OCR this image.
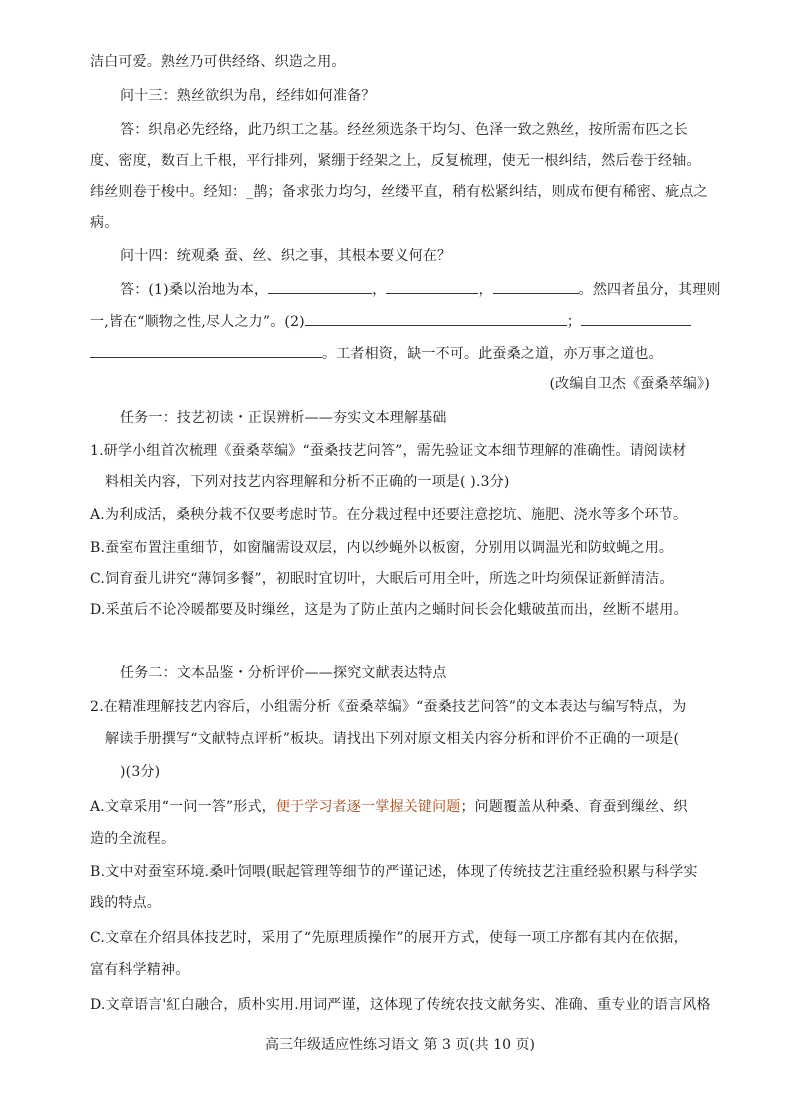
洁白可爱。熟丝乃可供经络、织造之用。
问十三：熟丝欲织为帛，经纬如何准备？
答：织帛必先经络，此乃织工之基。经丝须选条干均匀、色泽一致之熟丝，按所需布匹之长
度、密度，数百上千根，平行排列，紧绷于经架之上，反复梳理，使无一根纠结，然后卷于经轴。
纬丝则卷于梭中。经知：_鹊；备求张力均匀，丝缕平直，稍有松紧纠结，则成布便有稀密、疵点之
病。
问十四：统观桑 蚕、丝、织之事，其根本要义何在？
答：(1)桑以治地为本，	，	，	。然四者虽分，其理则
一,皆在“顺物之性,尽人之力”。(2)	；
。工者相资，缺一不可。此蚕桑之道，亦万事之道也。
(改编自卫杰《蚕桑萃编》)
任务一：技艺初读・正误辨析——夯实文本理解基础
1.研学小组首次梳理《蚕桑萃编》“蚕桑技艺问答”，需先验证文本细节理解的准确性。请阅读材
料相关内容，下列对技艺内容理解和分析不正确的一项是( ).3分)
A.为利成活，桑秧分栽不仅要考虑时节。在分栽过程中还要注意挖坑、施肥、浇水等多个环节。
B.蚕室布置注重细节，如窗牖需设双层，内以纱蝇外以板窗，分别用以调温光和防蚊蝇之用。
C.饲育蚕儿讲究“薄饲多餐”，初眠时宜切叶，大眠后可用全叶，所选之叶均须保证新鲜清洁。
D.采茧后不论冷暖都要及时缫丝，这是为了防止茧内之蛹时间长会化蛾破茧而出，丝断不堪用。
任务二：文本品鉴・分析评价——探究文献表达特点
2.在精准理解技艺内容后，小组需分析《蚕桑萃编》“蚕桑技艺问答”的文本表达与编写特点，为
解读手册撰写“文献特点评析”板块。请找出下列对原文相关内容分析和评价不正确的一项是(
)(3分)
A.文章采用“一问一答”形式，便于学习者逐一掌握关键问题；问题覆盖从种桑、育蚕到缫丝、织
造的全流程。
B.文中对蚕室环境.桑叶饲喂(眠起管理等细节的严谨记述，体现了传统技艺注重经验积累与科学实
践的特点。
C.文章在介绍具体技艺时，采用了“先原理质操作”的展开方式，使每一项工序都有其内在依据，
富有科学精神。
D.文章语言'紅白融合，质朴实用.用词严谨，这体现了传统农技文献务实、准确、重专业的语言风格
高三年级适应性练习语文 第 3 页(共 10 页)
